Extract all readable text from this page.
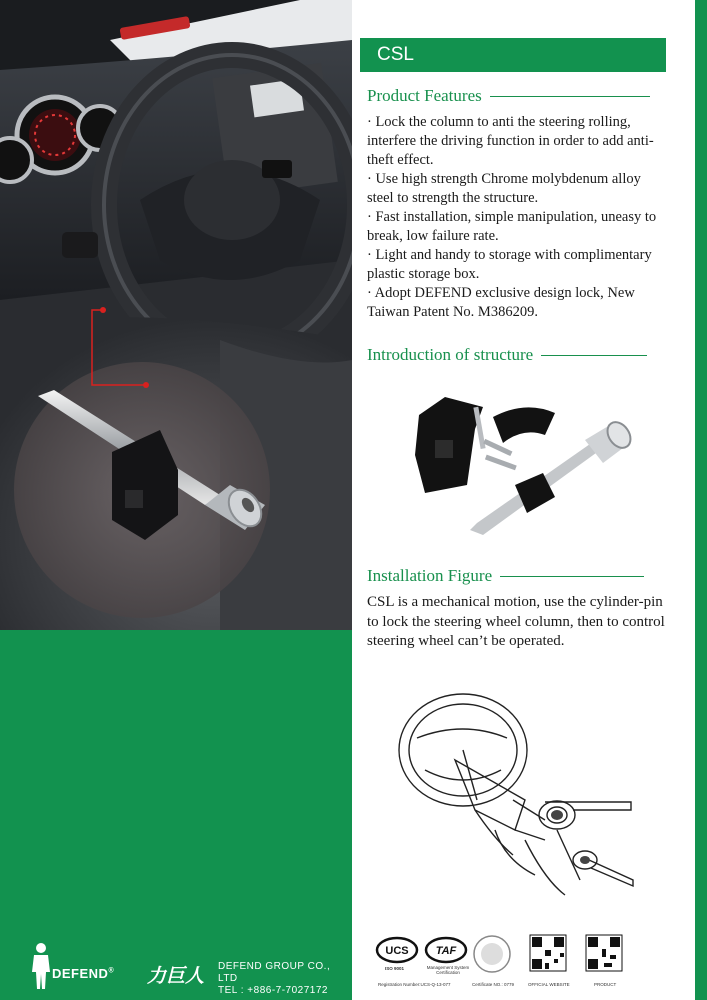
DEFEND® 力巨人 DEFEND GROUP CO., LTD
TEL : +886-7-7027172
CSL
Product Features

· Lock the column to anti the steering rolling, interfere the driving function in order to add anti-theft effect.

· Use high strength Chrome molybdenum alloy steel to strength the structure.

· Fast installation, simple manipulation, uneasy to break, low failure rate.

· Light and handy to storage with complimentary plastic storage box.

· Adopt DEFEND exclusive design lock, New Taiwan Patent No. M386209.

Introduction of structure
Installation Figure
CSL is a mechanical motion, use the cylinder-pin to lock the steering wheel column, then to control steering wheel can’t be operated.
UCS TAF
ISO 9001	Management System Certification
Registration Number:UCS-Q-13-077	Certificate NO.: 0779	OFFICIAL WEBSITE	PRODUCT
